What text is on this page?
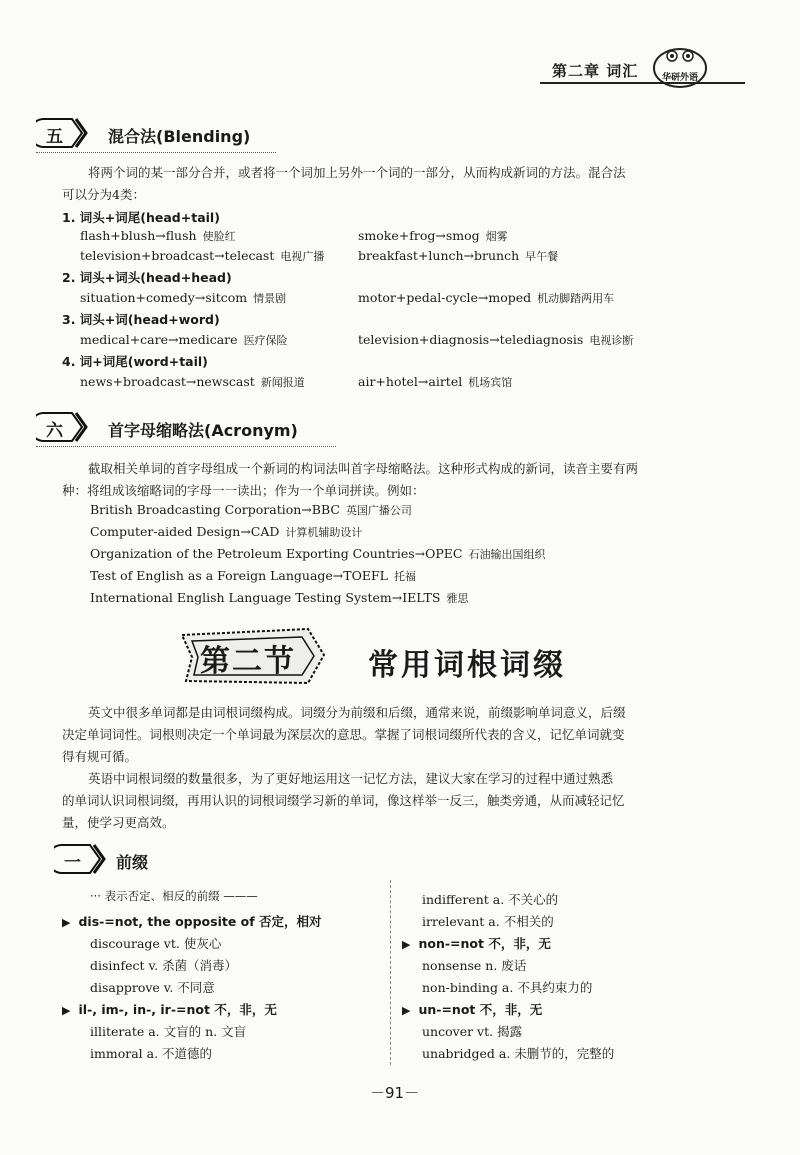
第二章 词汇	华研外语
五	混合法(Blending)
将两个词的某一部分合并，或者将一个词加上另外一个词的一部分，从而构成新词的方法。混合法
可以分为4类：
1. 词头+词尾(head+tail)
flash+blush→flush 使脸红	smoke+frog→smog 烟雾
television+broadcast→telecast 电视广播	breakfast+lunch→brunch 早午餐
2. 词头+词头(head+head)
situation+comedy→sitcom 情景剧	motor+pedal-cycle→moped 机动脚踏两用车
3. 词头+词(head+word)
medical+care→medicare 医疗保险	television+diagnosis→telediagnosis 电视诊断
4. 词+词尾(word+tail)
news+broadcast→newscast 新闻报道	air+hotel→airtel 机场宾馆
六	首字母缩略法(Acronym)
截取相关单词的首字母组成一个新词的构词法叫首字母缩略法。这种形式构成的新词，读音主要有两
种：将组成该缩略词的字母一一读出；作为一个单词拼读。例如：
British Broadcasting Corporation→BBC 英国广播公司
Computer-aided Design→CAD 计算机辅助设计
Organization of the Petroleum Exporting Countries→OPEC 石油输出国组织
Test of English as a Foreign Language→TOEFL 托福
International English Language Testing System→IELTS 雅思
第二节 常用词根词缀
英文中很多单词都是由词根词缀构成。词缀分为前缀和后缀，通常来说，前缀影响单词意义，后缀
决定单词词性。词根则决定一个单词最为深层次的意思。掌握了词根词缀所代表的含义，记忆单词就变
得有规可循。
英语中词根词缀的数量很多，为了更好地运用这一记忆方法，建议大家在学习的过程中通过熟悉
的单词认识词根词缀，再用认识的词根词缀学习新的单词，像这样举一反三，触类旁通，从而减轻记忆
量，使学习更高效。
一 前缀
··· 表示否定、相反的前缀 ———
▶ dis-=not, the opposite of 否定，相对
discourage vt. 使灰心
disinfect v. 杀菌（消毒）
disapprove v. 不同意
▶ il-, im-, in-, ir-=not 不，非，无
illiterate a. 文盲的 n. 文盲
immoral a. 不道德的
indifferent a. 不关心的
irrelevant a. 不相关的
▶ non-=not 不，非，无
nonsense n. 废话
non-binding a. 不具约束力的
▶ un-=not 不，非，无
uncover vt. 揭露
unabridged a. 未删节的，完整的
－91－
